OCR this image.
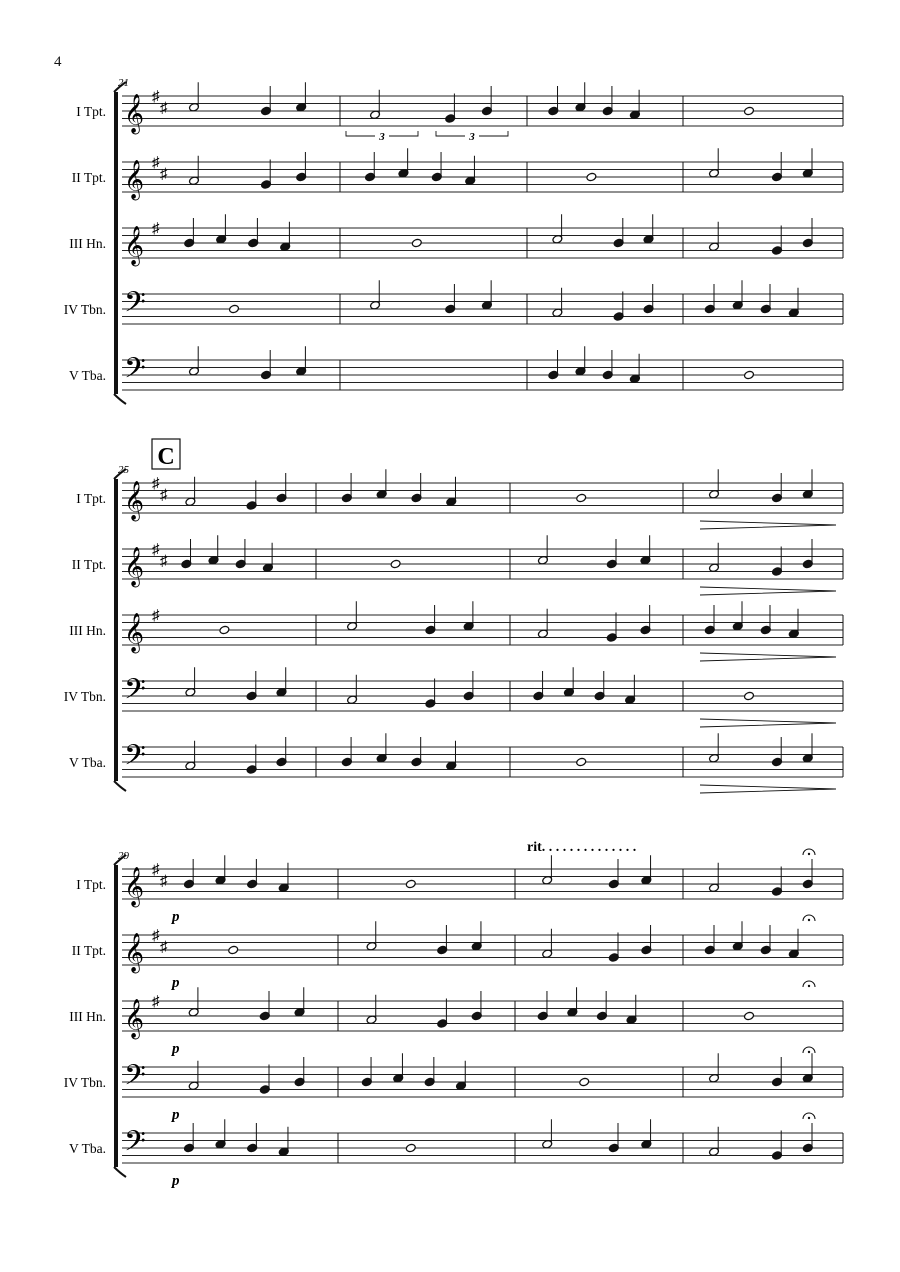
4
21
I Tpt. 𝄞 ♯
♯
II Tpt. 𝄞 ♯
♯
III Hn. 𝄞 ♯
IV Tbn. 𝄢
V Tba. 𝄢
3	3
25 C
I Tpt. 𝄞 ♯
♯
II Tpt. 𝄞 ♯
♯
III Hn. 𝄞 ♯
IV Tbn. 𝄢
V Tba. 𝄢
29
rit. . . . . . . . . . . . . .
I Tpt. 𝄞 ♯
♯
p
II Tpt. 𝄞 ♯
♯
p
III Hn. 𝄞 ♯
p
IV Tbn. 𝄢
p
V Tba. 𝄢
p
